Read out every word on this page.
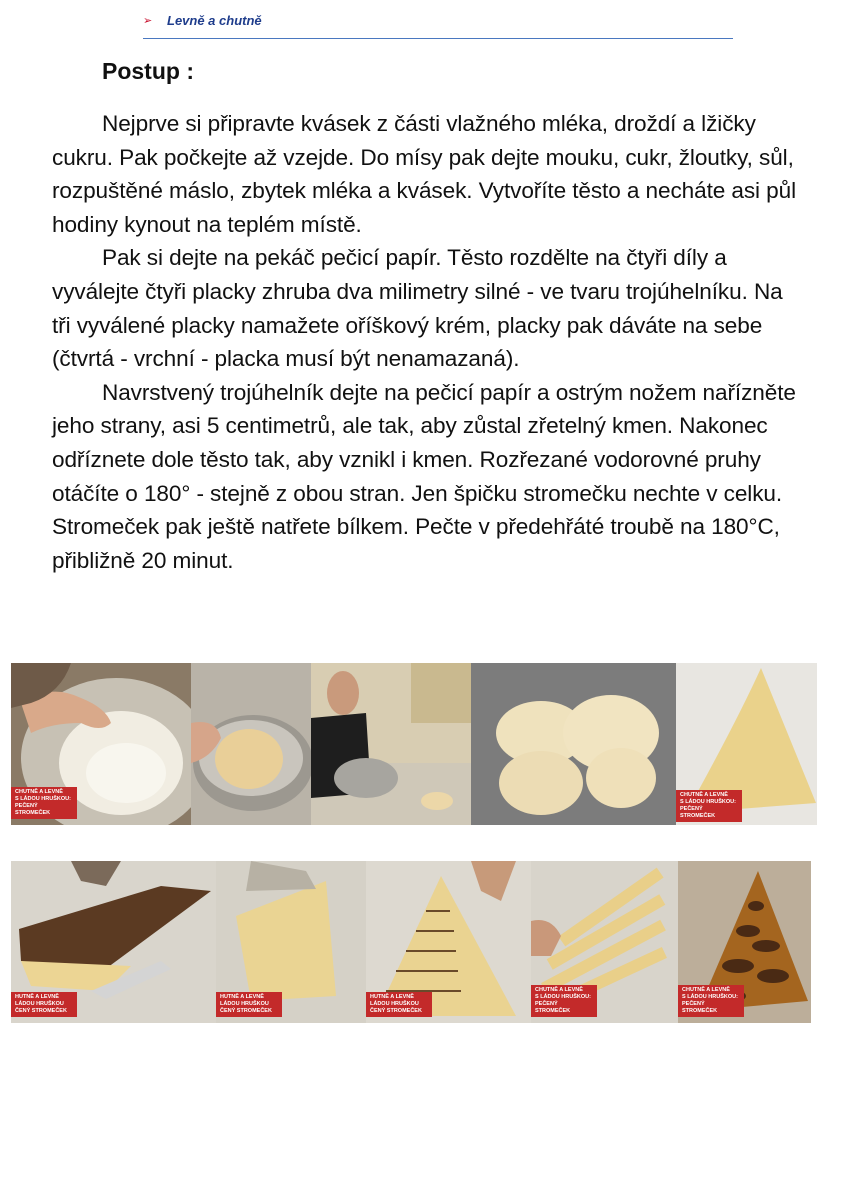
➢ Levně a chutně
Postup :

Nejprve si připravte kvásek z části vlažného mléka, droždí a lžičky cukru. Pak počkejte až vzejde. Do mísy pak dejte mouku, cukr, žloutky, sůl, rozpuštěné máslo, zbytek mléka a kvásek. Vytvoříte těsto a necháte asi půl hodiny kynout na teplém místě.

Pak si dejte na pekáč pečicí papír. Těsto rozdělte na čtyři díly a vyválejte čtyři placky zhruba dva milimetry silné - ve tvaru trojúhelníku. Na tři vyválené placky namažete oříškový krém, placky pak dáváte na sebe (čtvrtá - vrchní - placka musí být nenamazaná).

Navrstvený trojúhelník dejte na pečicí papír a ostrým nožem nařízněte jeho strany, asi 5 centimetrů, ale tak, aby zůstal zřetelný kmen. Nakonec odříznete dole těsto tak, aby vznikl i kmen. Rozřezané vodorovné pruhy otáčíte o 180° - stejně z obou stran. Jen špičku stromečku nechte v celku. Stromeček pak ještě natřete bílkem. Pečte v předehřáté troubě na 180°C, přibližně 20 minut.

CHUTNĚ A LEVNĚ
S LÁDOU HRUŠKOU:
PEČENÝ STROMEČEK
CHUTNĚ A LEVNĚ
S LÁDOU HRUŠKOU:
PEČENÝ STROMEČEK
HUTNĚ A LEVNĚ
LÁDOU HRUŠKOU
ČENÝ STROMEČEK
HUTNĚ A LEVNĚ
LÁDOU HRUŠKOU
ČENÝ STROMEČEK
HUTNĚ A LEVNĚ
LÁDOU HRUŠKOU
ČENÝ STROMEČEK
CHUTNĚ A LEVNĚ
S LÁDOU HRUŠKOU:
PEČENÝ STROMEČEK
CHUTNĚ A LEVNĚ
S LÁDOU HRUŠKOU:
PEČENÝ STROMEČEK
